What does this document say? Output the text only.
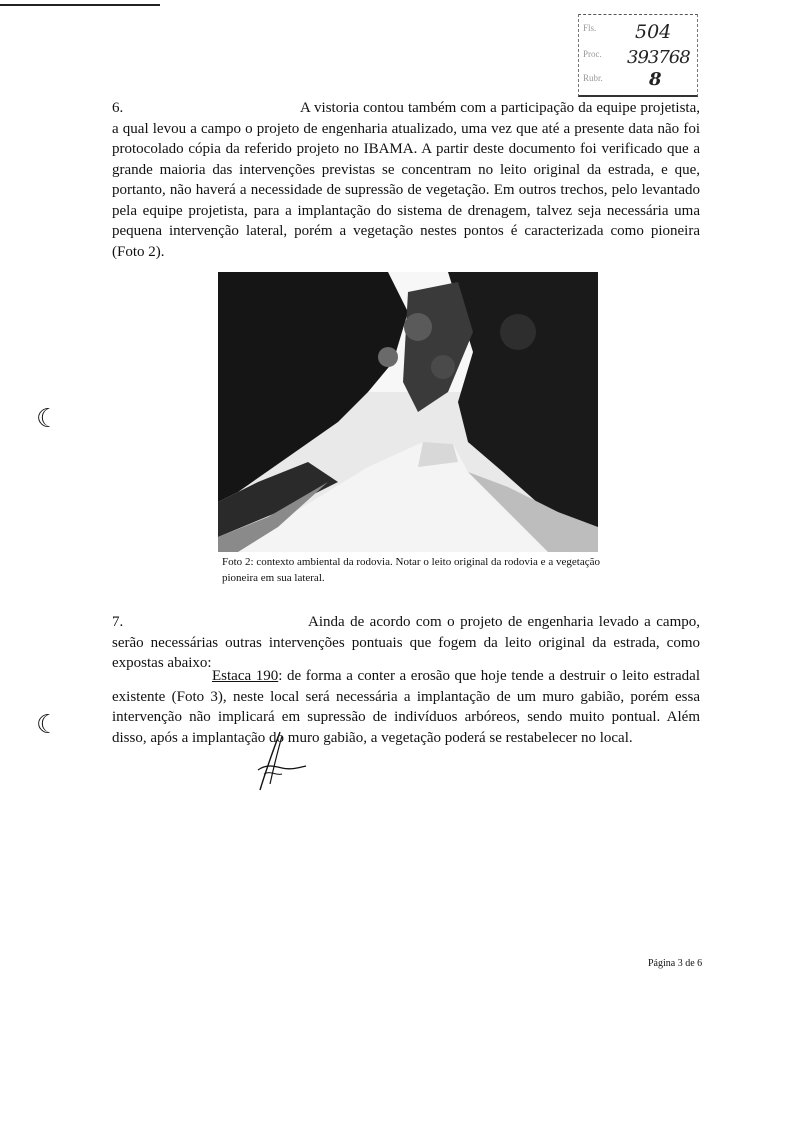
Fls. 504
Proc. 393768
Rubr.	8
6.	A vistoria contou também com a participação da equipe projetista, a qual levou a campo o projeto de engenharia atualizado, uma vez que até a presente data não foi protocolado cópia da referido projeto no IBAMA. A partir deste documento foi verificado que a grande maioria das intervenções previstas se concentram no leito original da estrada, e que, portanto, não haverá a necessidade de supressão de vegetação. Em outros trechos, pelo levantado pela equipe projetista, para a implantação do sistema de drenagem, talvez seja necessária uma pequena intervenção lateral, porém a vegetação nestes pontos é caracterizada como pioneira (Foto 2).
Foto 2: contexto ambiental da rodovia. Notar o leito original da rodovia e a vegetação pioneira em sua lateral.
☾
7.	Ainda de acordo com o projeto de engenharia levado a campo, serão necessárias outras intervenções pontuais que fogem da leito original da estrada, como expostas abaixo:
Estaca 190: de forma a conter a erosão que hoje tende a destruir o leito estradal existente (Foto 3), neste local será necessária a implantação de um muro gabião, porém essa intervenção não implicará em supressão de indivíduos arbóreos, sendo muito pontual. Além disso, após a implantação do muro gabião, a vegetação poderá se restabelecer no local.
☾
Página 3 de 6
